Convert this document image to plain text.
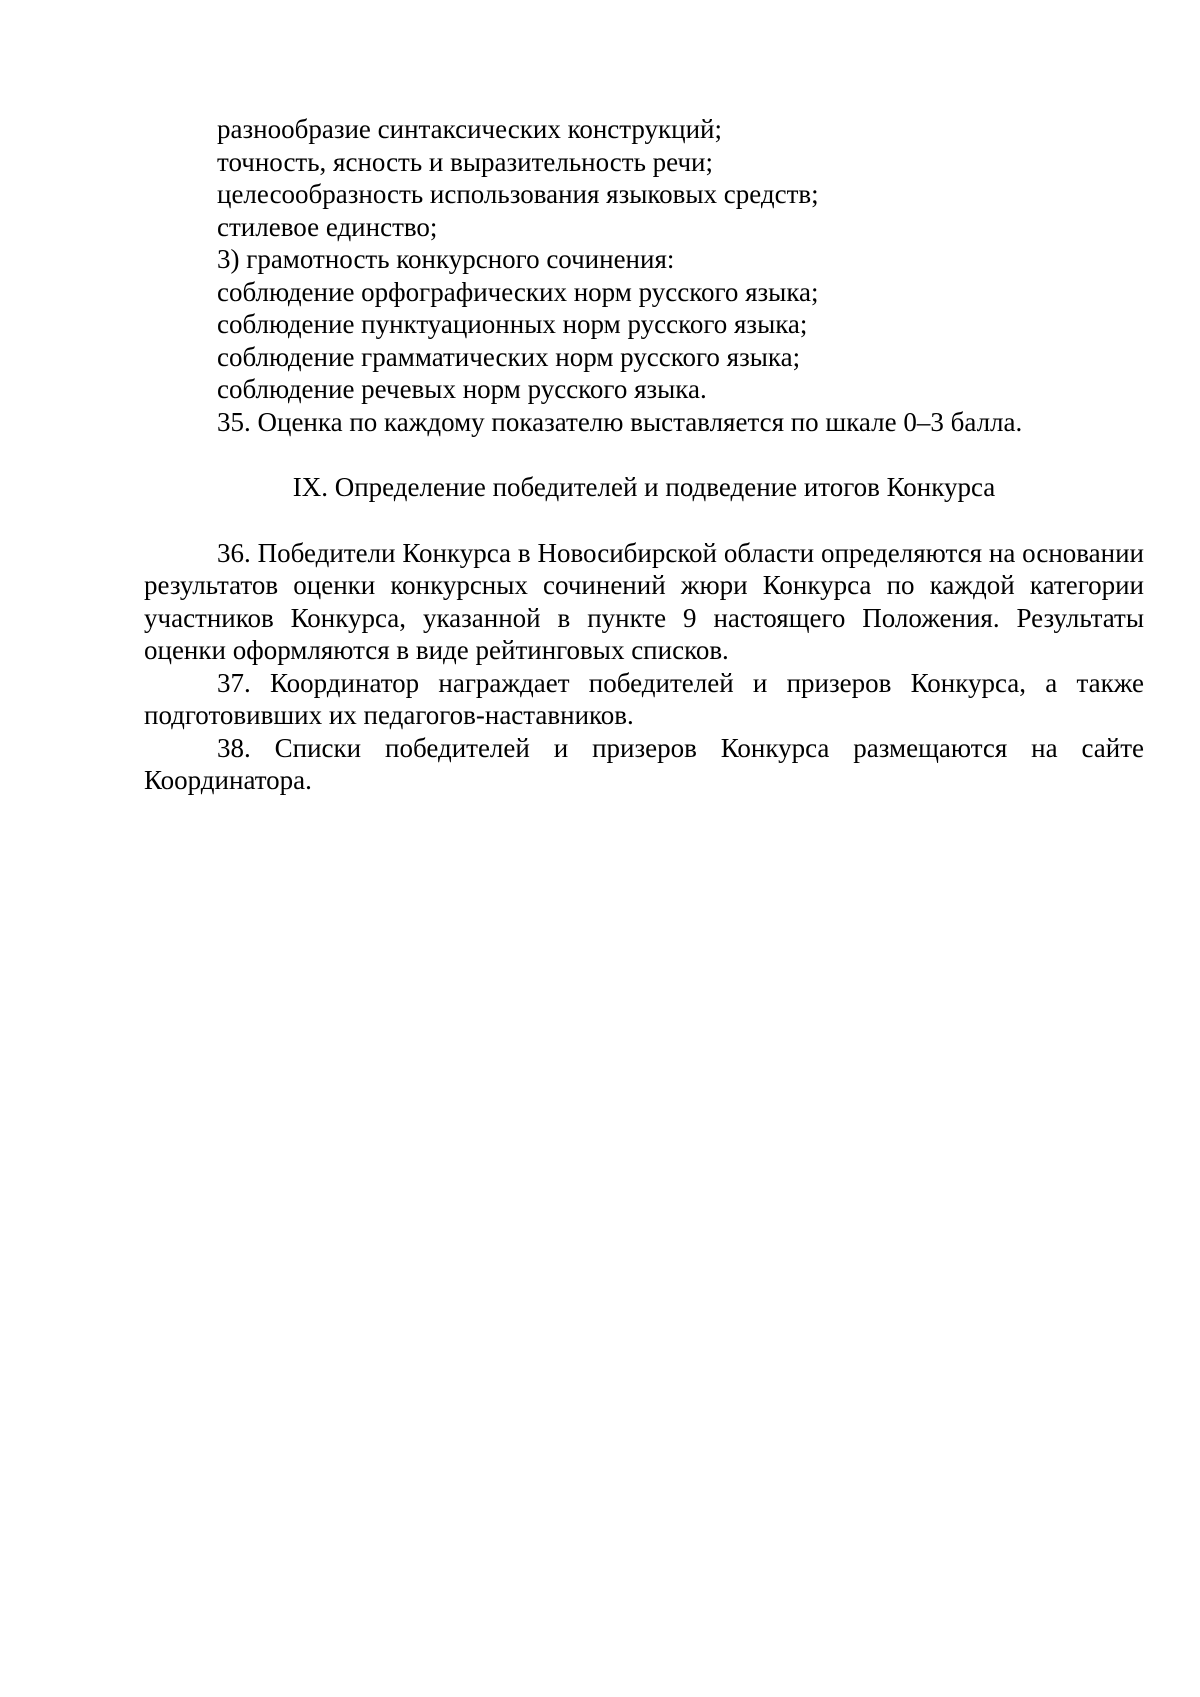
разнообразие синтаксических конструкций;
точность, ясность и выразительность речи;
целесообразность использования языковых средств;
стилевое единство;
3) грамотность конкурсного сочинения:
соблюдение орфографических норм русского языка;
соблюдение пунктуационных норм русского языка;
соблюдение грамматических норм русского языка;
соблюдение речевых норм русского языка.
35. Оценка по каждому показателю выставляется по шкале 0–3 балла.
IX. Определение победителей и подведение итогов Конкурса

36. Победители Конкурса в Новосибирской области определяются на основании результатов оценки конкурсных сочинений жюри Конкурса по каждой категории участников Конкурса, указанной в пункте 9 настоящего Положения. Результаты оценки оформляются в виде рейтинговых списков.

37. Координатор награждает победителей и призеров Конкурса, а также подготовивших их педагогов-наставников.

38. Списки победителей и призеров Конкурса размещаются на сайте Координатора.
